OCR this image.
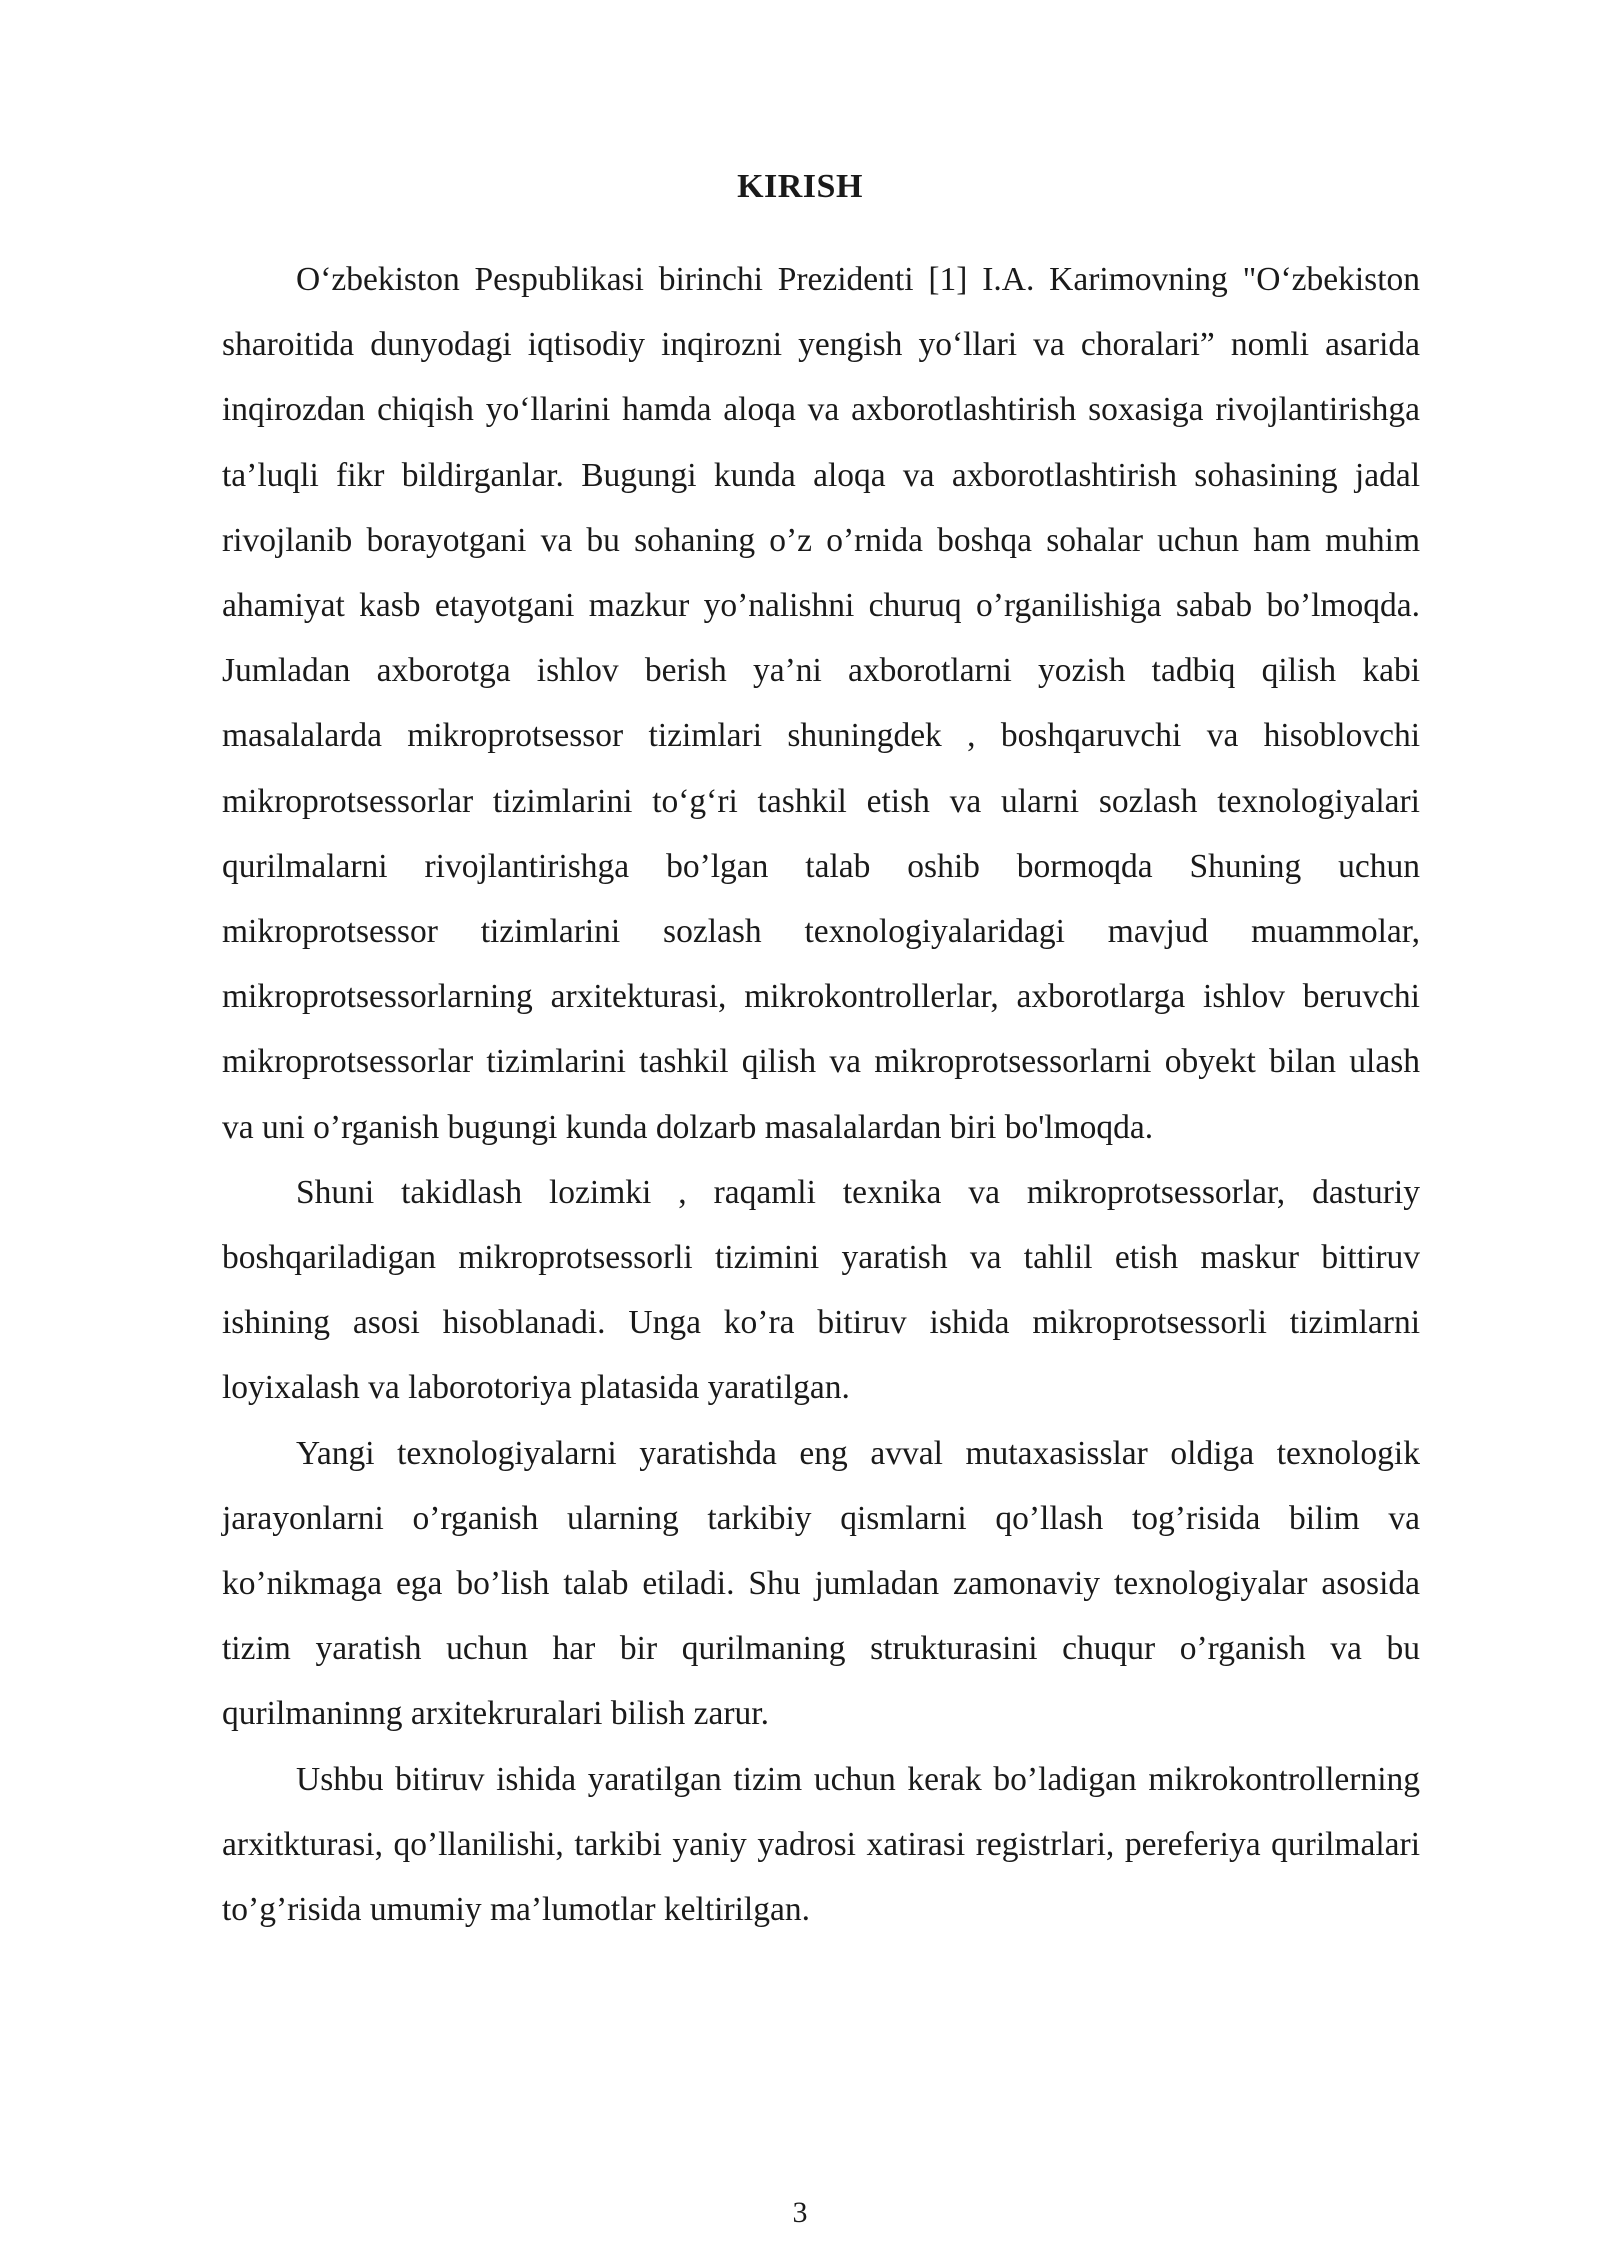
KIRISH

O‘zbekiston Pespublikasi birinchi Prezidenti [1] I.A. Karimovning "O‘zbekiston sharoitida dunyodagi iqtisodiy inqirozni yengish yo‘llari va choralari” nomli asarida inqirozdan chiqish yo‘llarini hamda aloqa va axborotlashtirish soxasiga rivojlantirishga ta’luqli fikr bildirganlar. Bugungi kunda aloqa va axborotlashtirish sohasining jadal rivojlanib borayotgani va bu sohaning o’z o’rnida boshqa sohalar uchun ham muhim ahamiyat kasb etayotgani mazkur yo’nalishni churuq o’rganilishiga sabab bo’lmoqda. Jumladan axborotga ishlov berish ya’ni axborotlarni yozish tadbiq qilish kabi masalalarda mikroprotsessor tizimlari shuningdek , boshqaruvchi va hisoblovchi mikroprotsessorlar tizimlarini to‘g‘ri tashkil etish va ularni sozlash texnologiyalari qurilmalarni rivojlantirishga bo’lgan talab oshib bormoqda Shuning uchun mikroprotsessor tizimlarini sozlash texnologiyalaridagi mavjud muammolar, mikroprotsessorlarning arxitekturasi, mikrokontrollerlar, axborotlarga ishlov beruvchi mikroprotsessorlar tizimlarini tashkil qilish va mikroprotsessorlarni obyekt bilan ulash va uni o’rganish bugungi kunda dolzarb masalalardan biri bo'lmoqda.

Shuni takidlash lozimki , raqamli texnika va mikroprotsessorlar, dasturiy boshqariladigan mikroprotsessorli tizimini yaratish va tahlil etish maskur bittiruv ishining asosi hisoblanadi. Unga ko’ra bitiruv ishida mikroprotsessorli tizimlarni loyixalash va laborotoriya platasida yaratilgan.

Yangi texnologiyalarni yaratishda eng avval mutaxasisslar oldiga texnologik jarayonlarni o’rganish ularning tarkibiy qismlarni qo’llash tog’risida bilim va ko’nikmaga ega bo’lish talab etiladi. Shu jumladan zamonaviy texnologiyalar asosida tizim yaratish uchun har bir qurilmaning strukturasini chuqur o’rganish va bu qurilmaninng arxitekruralari bilish zarur.

Ushbu bitiruv ishida yaratilgan tizim uchun kerak bo’ladigan mikrokontrollerning arxitkturasi, qo’llanilishi, tarkibi yaniy yadrosi xatirasi registrlari, pereferiya qurilmalari to’g’risida umumiy ma’lumotlar keltirilgan.

3
